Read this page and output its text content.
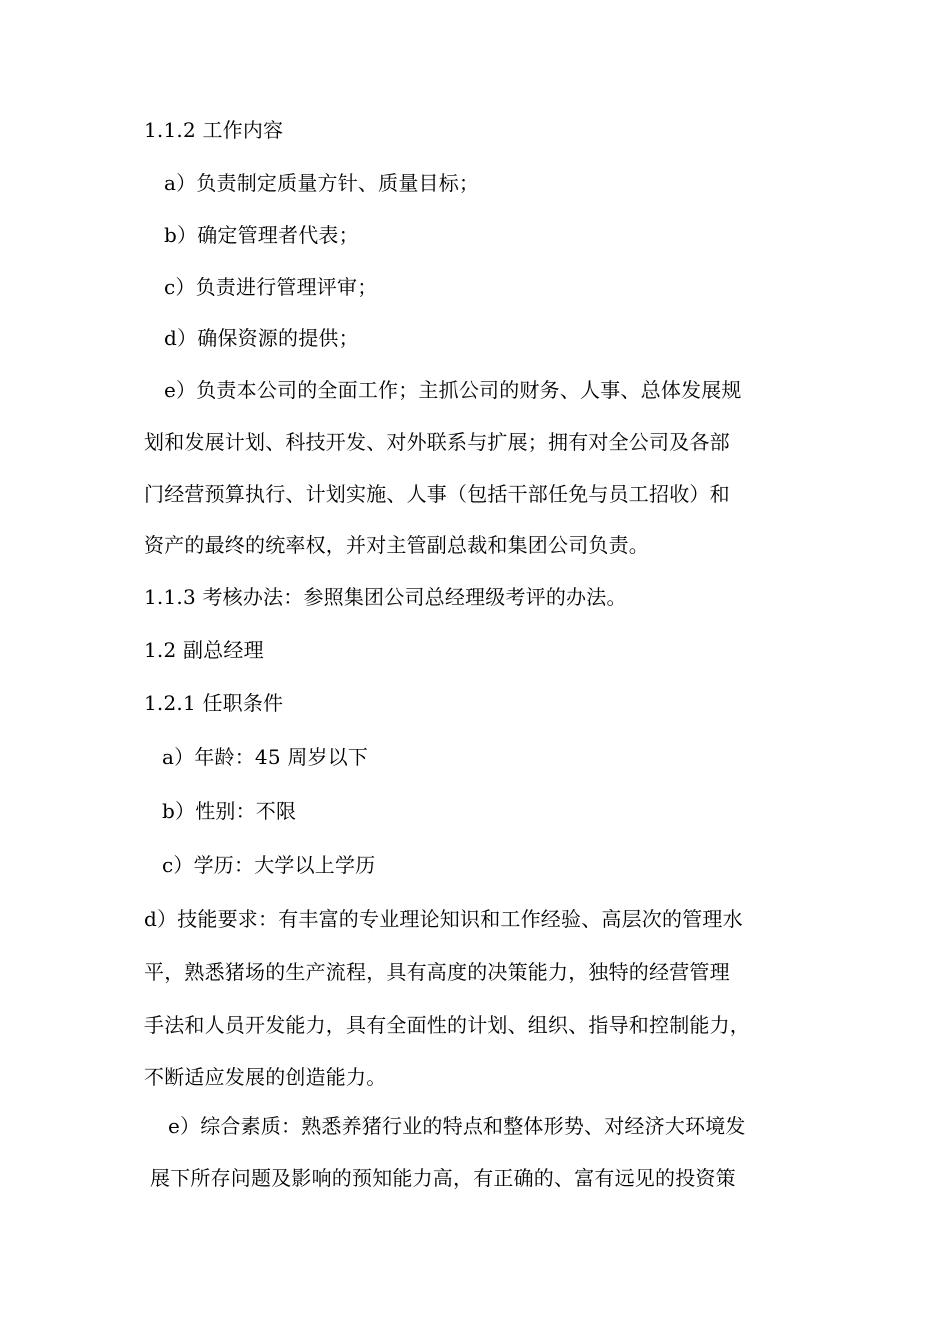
1.1.2 工作内容
a）负责制定质量方针、质量目标；
b）确定管理者代表；
c）负责进行管理评审；
d）确保资源的提供；
e）负责本公司的全面工作；主抓公司的财务、人事、总体发展规
划和发展计划、科技开发、对外联系与扩展；拥有对全公司及各部
门经营预算执行、计划实施、人事（包括干部任免与员工招收）和
资产的最终的统率权，并对主管副总裁和集团公司负责。
1.1.3 考核办法：参照集团公司总经理级考评的办法。
1.2 副总经理
1.2.1 任职条件
a）年龄：45 周岁以下
b）性别：不限
c）学历：大学以上学历
d）技能要求：有丰富的专业理论知识和工作经验、高层次的管理水
平，熟悉猪场的生产流程，具有高度的决策能力，独特的经营管理
手法和人员开发能力，具有全面性的计划、组织、指导和控制能力，
不断适应发展的创造能力。
e）综合素质：熟悉养猪行业的特点和整体形势、对经济大环境发
展下所存问题及影响的预知能力高，有正确的、富有远见的投资策
